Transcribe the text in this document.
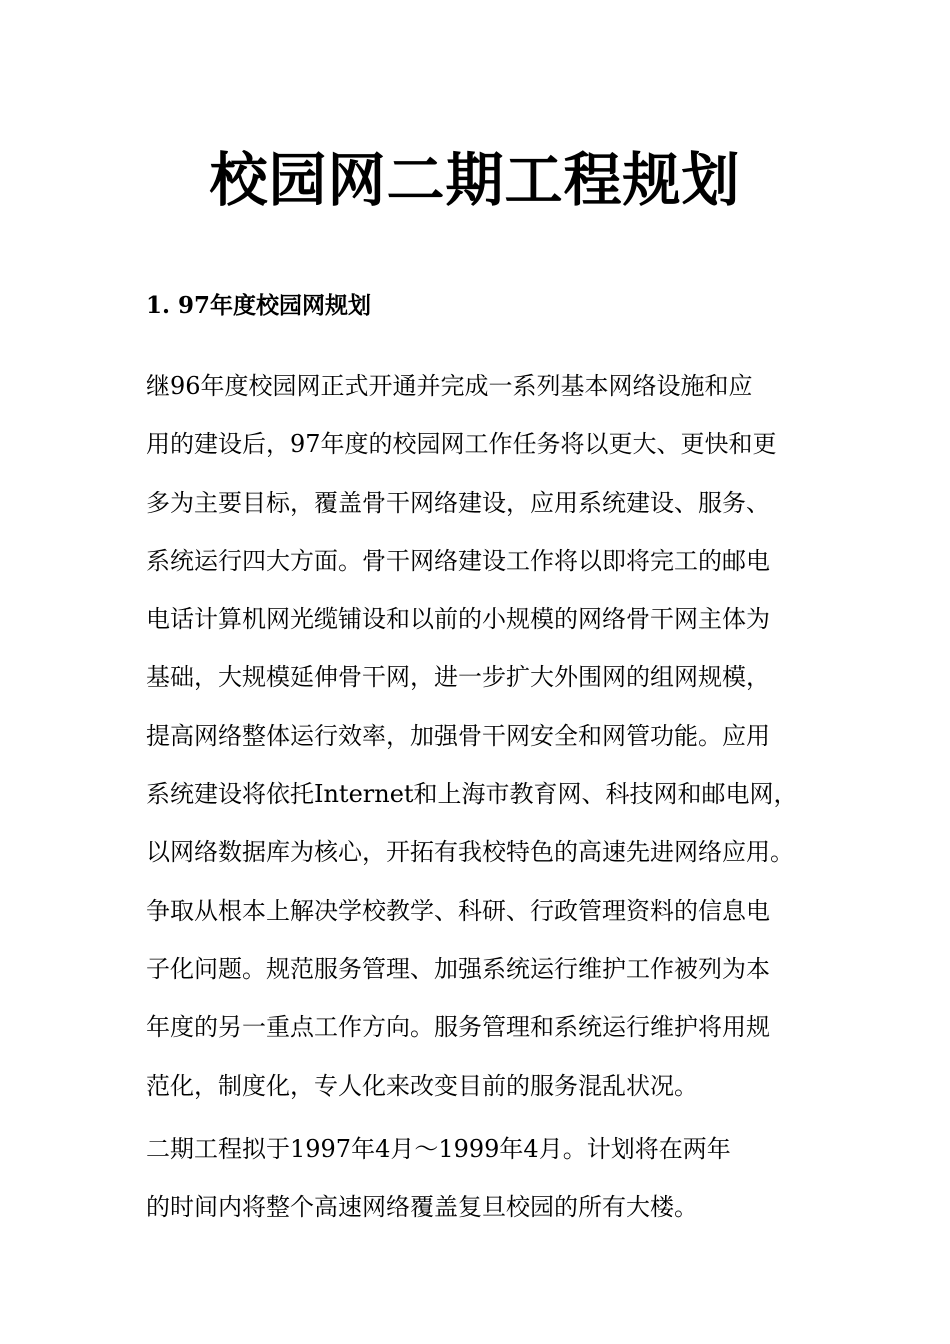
校园网二期工程规划
1. 97年度校园网规划
继96年度校园网正式开通并完成一系列基本网络设施和应
用的建设后，97年度的校园网工作任务将以更大、更快和更
多为主要目标，覆盖骨干网络建设，应用系统建设、服务、
系统运行四大方面。骨干网络建设工作将以即将完工的邮电
电话计算机网光缆铺设和以前的小规模的网络骨干网主体为
基础，大规模延伸骨干网，进一步扩大外围网的组网规模，
提高网络整体运行效率，加强骨干网安全和网管功能。应用
系统建设将依托Internet和上海市教育网、科技网和邮电网，
以网络数据库为核心，开拓有我校特色的高速先进网络应用。
争取从根本上解决学校教学、科研、行政管理资料的信息电
子化问题。规范服务管理、加强系统运行维护工作被列为本
年度的另一重点工作方向。服务管理和系统运行维护将用规
范化，制度化，专人化来改变目前的服务混乱状况。
二期工程拟于1997年4月～1999年4月。计划将在两年
的时间内将整个高速网络覆盖复旦校园的所有大楼。
